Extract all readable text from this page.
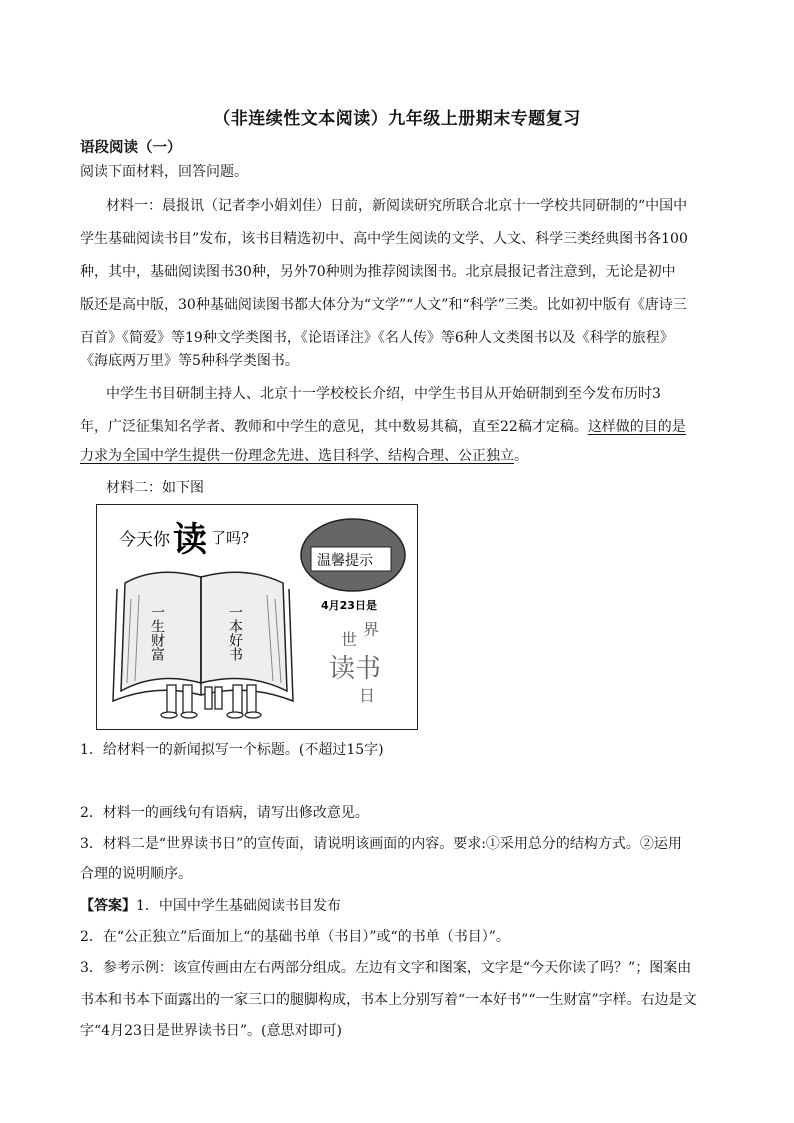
（非连续性文本阅读）九年级上册期末专题复习
语段阅读（一）
阅读下面材料，回答问题。
材料一：晨报讯（记者李小娟刘佳）日前，新阅读研究所联合北京十一学校共同研制的“中国中
学生基础阅读书目”发布，该书目精选初中、高中学生阅读的文学、人文、科学三类经典图书各100
种，其中，基础阅读图书30种，另外70种则为推荐阅读图书。北京晨报记者注意到，无论是初中
版还是高中版，30种基础阅读图书都大体分为“文学”“人文”和“科学”三类。比如初中版有《唐诗三
百首》《简爱》等19种文学类图书，《论语译注》《名人传》等6种人文类图书以及《科学的旅程》
《海底两万里》等5种科学类图书。
中学生书目研制主持人、北京十一学校校长介绍，中学生书目从开始研制到至今发布历时3
年，广泛征集知名学者、教师和中学生的意见，其中数易其稿，直至22稿才定稿。这样做的目的是
力求为全国中学生提供一份理念先进、选目科学、结构合理、公正独立。
材料二：如下图
今天你 读 了吗?
一生财富	一本好书
温馨提示
4月23日是
世
界
读书
日
1．给材料一的新闻拟写一个标题。(不超过15字)
2．材料一的画线句有语病，请写出修改意见。
3．材料二是“世界读书日”的宣传面，请说明该画面的内容。要求:①采用总分的结构方式。②运用
合理的说明顺序。
【答案】1．中国中学生基础阅读书目发布
2．在“公正独立”后面加上“的基础书单（书目）”或“的书单（书目）”。
3．参考示例：该宣传画由左右两部分组成。左边有文字和图案，文字是“今天你读了吗？”；图案由
书本和书本下面露出的一家三口的腿脚构成，书本上分别写着“一本好书”“一生财富”字样。右边是文
字“4月23日是世界读书日”。(意思对即可)
